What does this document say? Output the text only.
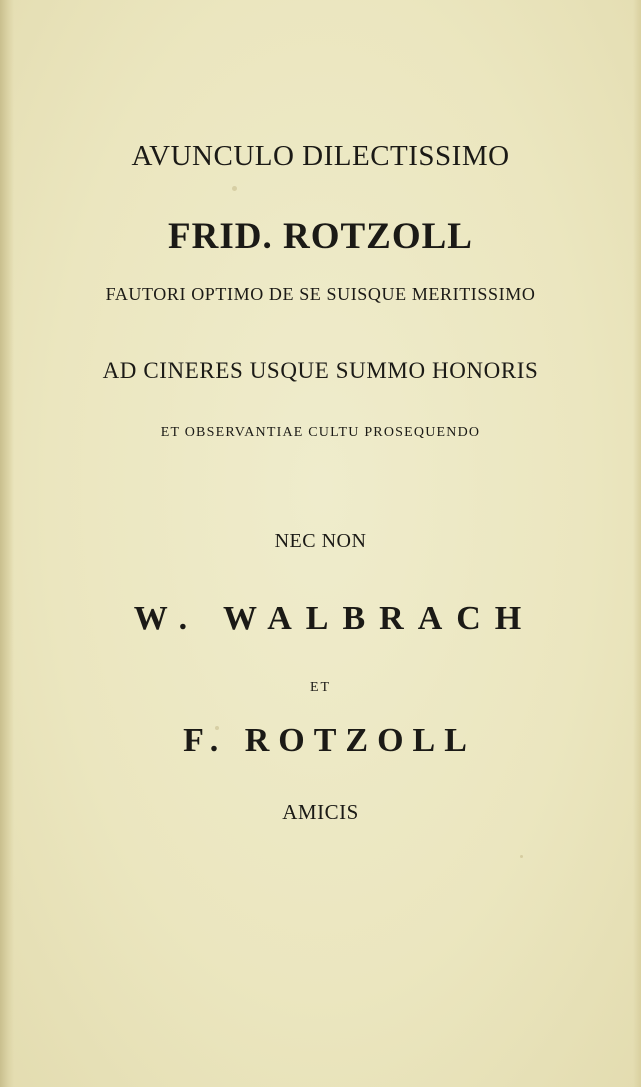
AVUNCULO DILECTISSIMO
FRID. ROTZOLL
FAUTORI OPTIMO DE SE SUISQUE MERITISSIMO
AD CINERES USQUE SUMMO HONORIS
ET OBSERVANTIAE CULTU PROSEQUENDO
NEC NON
W. WALBRACH
ET
F. ROTZOLL
AMICIS
